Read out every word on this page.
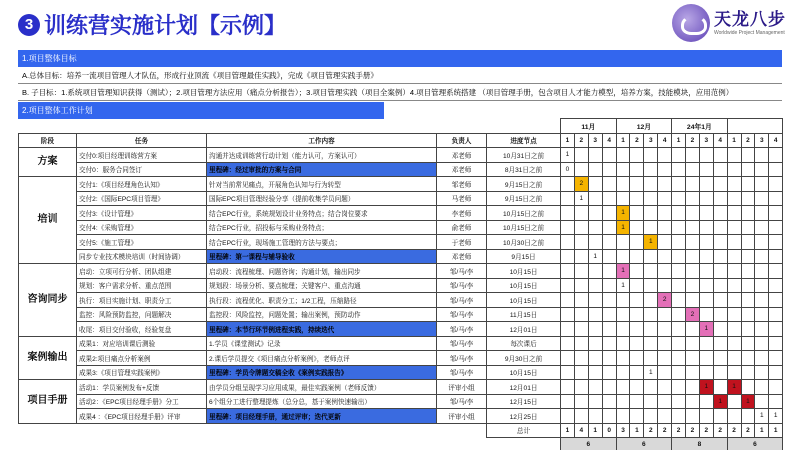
3 训练营实施计划【示例】	天龙八步
Worldwide Project Management
1.项目整体目标
A.总体目标：培养一流项目管理人才队伍，形成行业顶流《项目管理最佳实践》，完成《项目管理实践手册》
B. 子目标：1.系统项目管理知识获得（测试）；2.项目管理方法应用（痛点分析报告）；3.项目管理实践（项目全案例）4.项目管理系统搭建 （项目管理手册，包含项目人才能力模型，培养方案，技能模块，应用范例）
					11月				12月				24年1月				24年3月			
阶段	任务	工作内容	负责人	进度节点	1	2	3	4	1	2	3	4	1	2	3	4	1	2	3	4
方案	交付0:项目经理训练营方案	沟通并达成训练营行动计划（能力认可，方案认可）	邓老师	10月31日之前	1															
	交付0：服务合同签订	里程碑：经过审批的方案与合同	邓老师	8月31日之前	0															
培训	交付1:《项目经理角色认知》	针对当前常见痛点，开展角色认知与行为转型	邹老师	9月15日之前		2														
	交付2:《国际EPC项目管理》	国际EPC项目管理经验分享（提前收集学员问题）	马老师	9月15日之前		1														
	交付3:《设计管理》	结合EPC行业，系统规划设计业务特点；结合岗位要求	李老师	10月15日之前					1											
	交付4:《采购管理》	结合EPC行业，招投标与采购业务特点；	俞老师	10月15日之前					1											
	交付5:《施工管理》	结合EPC行业，现场施工管理的方法与要点；	于老师	10月30日之前							1									
	同步专业技术模块培训（时间协调）	里程碑：第一课程与辅导验收	邓老师	9月15日			1													
咨询同步	启动：立项可行分析、团队组建	启动段：流程梳理、问题咨询；沟通计划，输出同步	邹/马/李	10月15日					1											
	规划：客户需求分析、重点范围	规划段：场景分析、要点梳理；关键客户、重点沟通	邹/马/李	10月15日					1											
	执行：项目实施计划、职责分工	执行段：流程优化、职责分工；1/2工程，压缩路径	邹/马/李	10月15日								2								
	监控：风险预防监控，问题解决	监控段：风险监控，问题处置；输出案例，预防动作	邹/马/李	11月15日										2						
	收尾：项目交付验收，经验复盘	里程碑：本节行环节例进程实践，持续迭代	邹/马/李	12月01日											1					
案例输出	成果1：对应培训课后测验	1.学员《课堂测试》记录	邹/马/李	每次课后																
	成果2:项目痛点分析案例	2.课后学员提交《项目痛点分析案例》，老师点评	邹/马/李	9月30日之前																
	成果3:《项目管理实践案例》	里程碑：学员令牌题交稿全收《案例实践报告》	邹/马/李	10月15日							1									
项目手册	活动1：学员案例发布+反馈	由学员分组呈现学习应用成果，最佳实践案例（老师反馈）	评审小组	12月01日											1		1			
	活动2：《EPC项目经理手册》分工	6个组分工进行整理提炼（总分总，基于案例快速输出）	邹/马/李	12月15日												1		1		
	成果4 ：《EPC项目经理手册》评审	里程碑：项目经理手册，通过评审；迭代更新	评审小组	12月25日															1	1
				总计	1	4	1	0	3	1	2	2	2	2	2	2	2	2	1	1
					6				6				8				6			
2.项目整体工作计划
